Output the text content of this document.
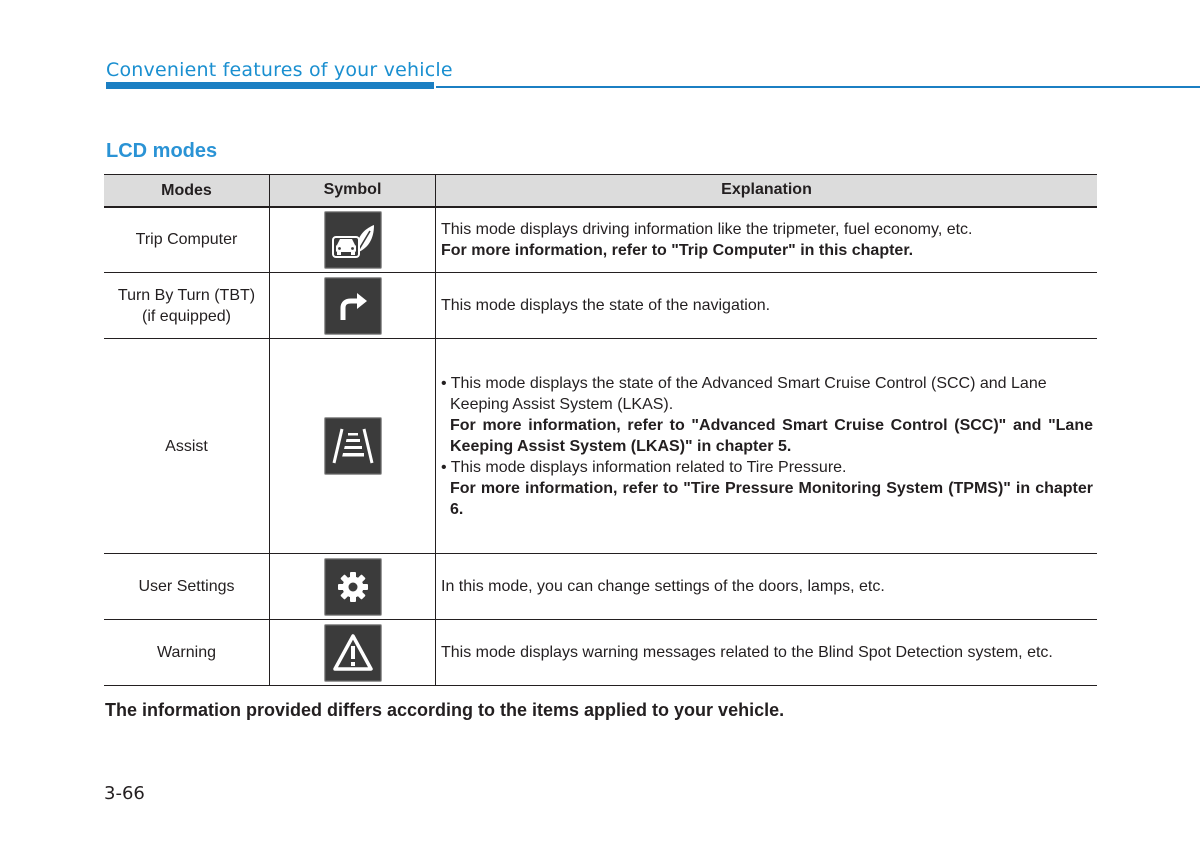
Convenient features of your vehicle
LCD modes
Modes	Symbol	Explanation
Trip Computer		This mode displays driving information like the tripmeter, fuel economy, etc.
For more information, refer to "Trip Computer" in this chapter.

Turn By Turn (TBT)
(if equipped)		This mode displays the state of the navigation.
Assist		• This mode displays the state of the Advanced Smart Cruise Control (SCC) and Lane Keeping Assist System (LKAS).
For more information, refer to "Advanced Smart Cruise Control (SCC)" and "Lane Keeping Assist System (LKAS)" in chapter 5.
• This mode displays information related to Tire Pressure.
For more information, refer to "Tire Pressure Monitoring System (TPMS)" in chapter 6.

User Settings		In this mode, you can change settings of the doors, lamps, etc.
Warning		This mode displays warning messages related to the Blind Spot Detection system, etc.
The information provided differs according to the items applied to your vehicle.
3-66
